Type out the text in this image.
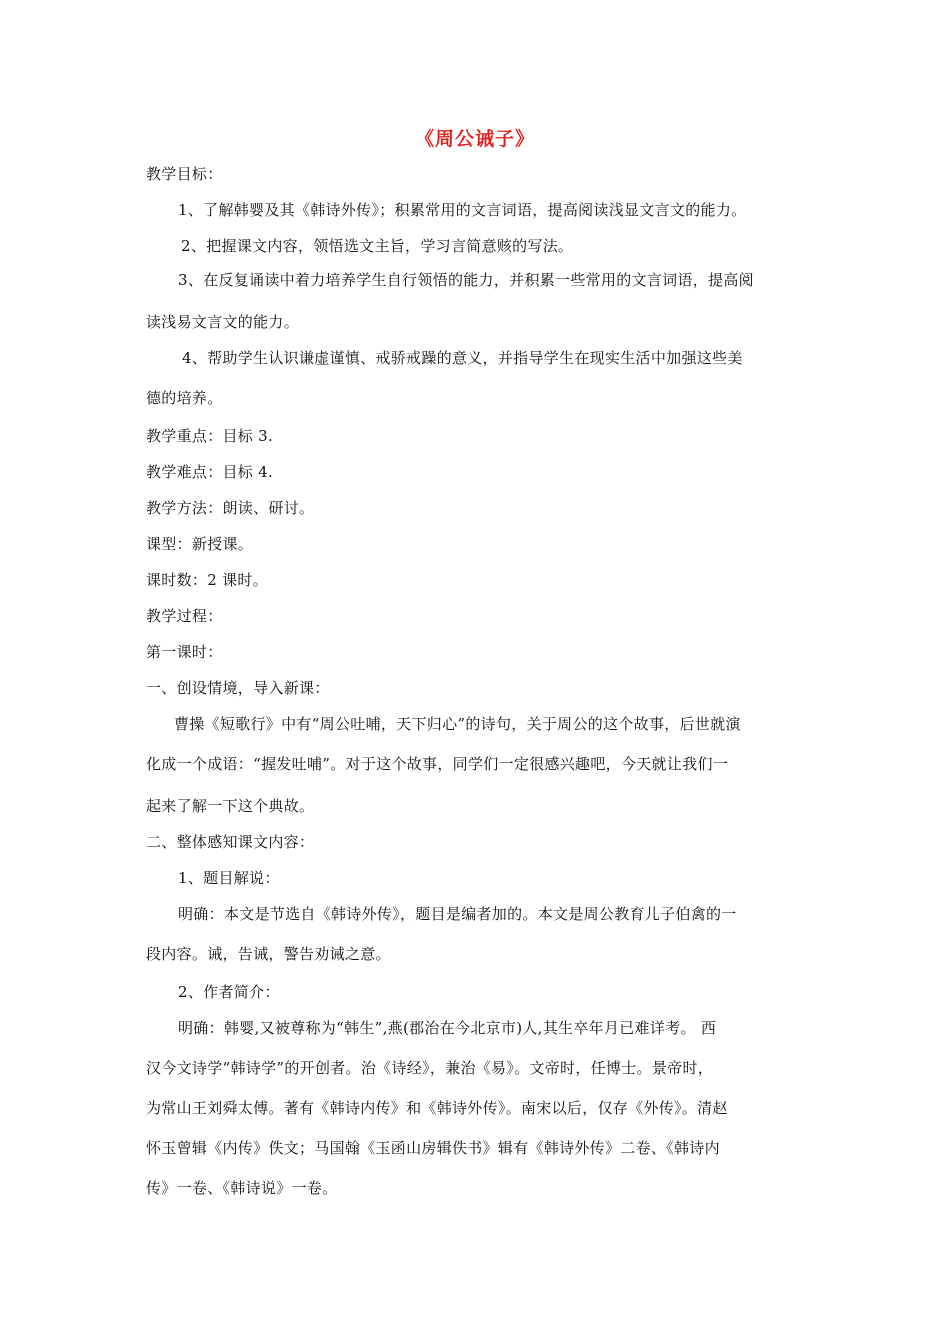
《周公诫子》
教学目标：
1、了解韩婴及其《韩诗外传》；积累常用的文言词语，提高阅读浅显文言文的能力。
2、把握课文内容，领悟选文主旨，学习言简意赅的写法。
3、在反复诵读中着力培养学生自行领悟的能力，并积累一些常用的文言词语，提高阅
读浅易文言文的能力。
4、帮助学生认识谦虚谨慎、戒骄戒躁的意义，并指导学生在现实生活中加强这些美
德的培养。
教学重点：目标 3.
教学难点：目标 4.
教学方法：朗读、研讨。
课型：新授课。
课时数：2 课时。
教学过程：
第一课时：
一、创设情境，导入新课：
曹操《短歌行》中有“周公吐哺，天下归心”的诗句，关于周公的这个故事，后世就演
化成一个成语：“握发吐哺”。对于这个故事，同学们一定很感兴趣吧，今天就让我们一
起来了解一下这个典故。
二、整体感知课文内容：
1、题目解说：
明确：本文是节选自《韩诗外传》，题目是编者加的。本文是周公教育儿子伯禽的一
段内容。诫，告诫，警告劝诫之意。
2、作者简介：
明确：韩婴,又被尊称为“韩生”,燕(郡治在今北京市)人,其生卒年月已难详考。 西
汉今文诗学“韩诗学”的开创者。治《诗经》，兼治《易》。文帝时，任博士。景帝时，
为常山王刘舜太傅。著有《韩诗内传》和《韩诗外传》。南宋以后，仅存《外传》。清赵
怀玉曾辑《内传》佚文；马国翰《玉函山房辑佚书》辑有《韩诗外传》二卷、《韩诗内
传》一卷、《韩诗说》一卷。
